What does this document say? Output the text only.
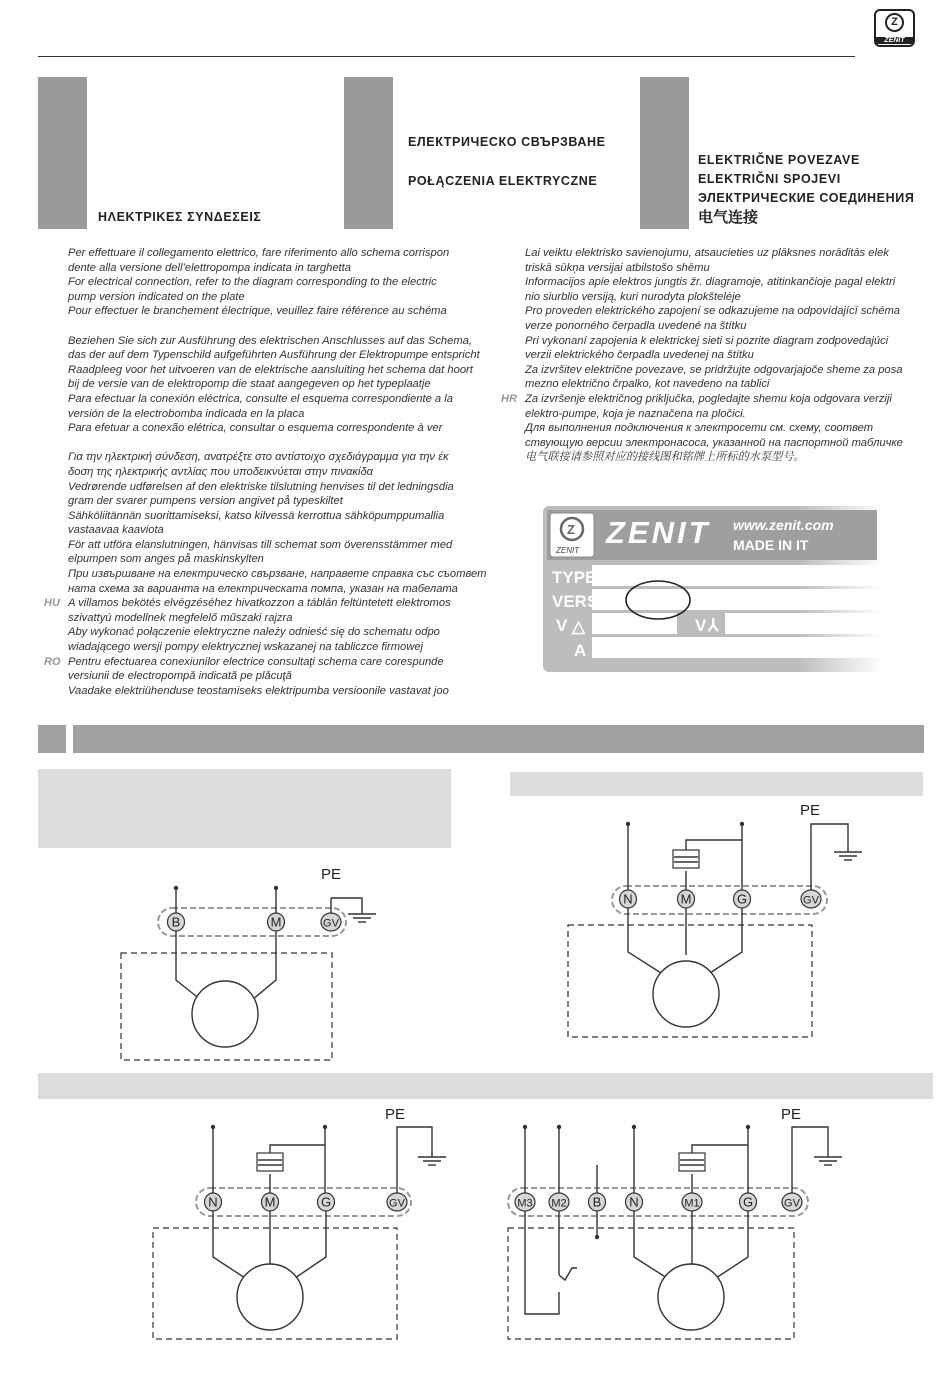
Z
ZENIT
ΗΛΕΚΤΡΙΚΕΣ ΣΥΝΔΕΣΕΙΣ
ЕЛЕКТРИЧЕСКО СВЪРЗВАНЕ
POŁĄCZENIA ELEKTRYCZNE
ELEKTRIČNE POVEZAVE
ELEKTRIČNI SPOJEVI
ЭЛЕКТРИЧЕСКИЕ СОЕДИНЕНИЯ
电气连接

Per effettuare il collegamento elettrico, fare riferimento allo schema corrispon

dente alla versione dell’elettropompa indicata in targhetta

For electrical connection, refer to the diagram corresponding to the electric

pump version indicated on the plate

Pour effectuer le branchement électrique, veuillez faire référence au schéma

Beziehen Sie sich zur Ausführung des elektrischen Anschlusses auf das Schema,

das der auf dem Typenschild aufgeführten Ausführung der Elektropumpe entspricht

Raadpleeg voor het uitvoeren van de elektrische aansluiting het schema dat hoort

bij de versie van de elektropomp die staat aangegeven op het typeplaatje

Para efectuar la conexión eléctrica, consulte el esquema correspondiente a la

versión de la electrobomba indicada en la placa

Para efetuar a conexão elétrica, consultar o esquema correspondente à ver

Για την ηλεκτρική σύνδεση, ανατρέξτε στο αντίστοιχο σχεδιάγραμμα για την έκ

δοση της ηλεκτρικής αντλίας που υποδεικνύεται στην πινακίδα

Vedrørende udførelsen af den elektriske tilslutning henvises til det ledningsdia

gram der svarer pumpens version angivet på typeskiltet

Sähköliitännän suorittamiseksi, katso kilvessä kerrottua sähköpumppumallia

vastaavaa kaaviota

För att utföra elanslutningen, hänvisas till schemat som överensstämmer med

elpumpen som anges på maskinskylten

При извършване на електрическо свързване, направете справка със съответ

ната схема за варианта на електрическата помпа, указан на табелата

HU A villamos bekötés elvégzéséhez hivatkozzon a táblán feltüntetett elektromos

szivattyú modellnek megfelelő műszaki rajzra

Aby wykonać połączenie elektryczne należy odnieść się do schematu odpo

wiadającego wersji pompy elektrycznej wskazanej na tabliczce firmowej

RO Pentru efectuarea conexiunilor electrice consultaţi schema care corespunde

versiunii de electropompă indicată pe plăcuţă

Vaadake elektriühenduse teostamiseks elektripumba versioonile vastavat joo

Lai veiktu elektrisko savienojumu, atsaucieties uz plāksnes norādītās elek

triskā sūkņa versijai atbilstošo shēmu

Informacijos apie elektros jungtis žr. diagramoje, atitinkančioje pagal elektri

nio siurblio versiją, kuri nurodyta plokštelėje

Pro proveden elektrického zapojení se odkazujeme na odpovídající schéma

verze ponorného čerpadla uvedené na štítku

Pri vykonaní zapojenia k elektrickej sieti si pozrite diagram zodpovedajúci

verzii elektrického čerpadla uvedenej na štítku

Za izvršitev električne povezave, se pridržujte odgovarjajoče sheme za posa

mezno električno črpalko, kot navedeno na tablici

HR Za izvršenje električnog priključka, pogledajte shemu koja odgovara verziji

elektro-pumpe, koja je naznačena na pločici.

Для выполнения подключения к электросети см. схему, соответ

ствующую версии электронасоса, указанной на паспортной табличке

电气联接请参照对应的接线图和铭牌上所标的水泵型号。

Z
ZENIT
ZENIT www.zenit.com
MADE IN IT
TYPE
VERS
V △	V ⅄
A
PE
B	M	GV
PE
N	M	G	GV
PE
N	M	G	GV
PE
M3 M2 B N	M1	G	GV
